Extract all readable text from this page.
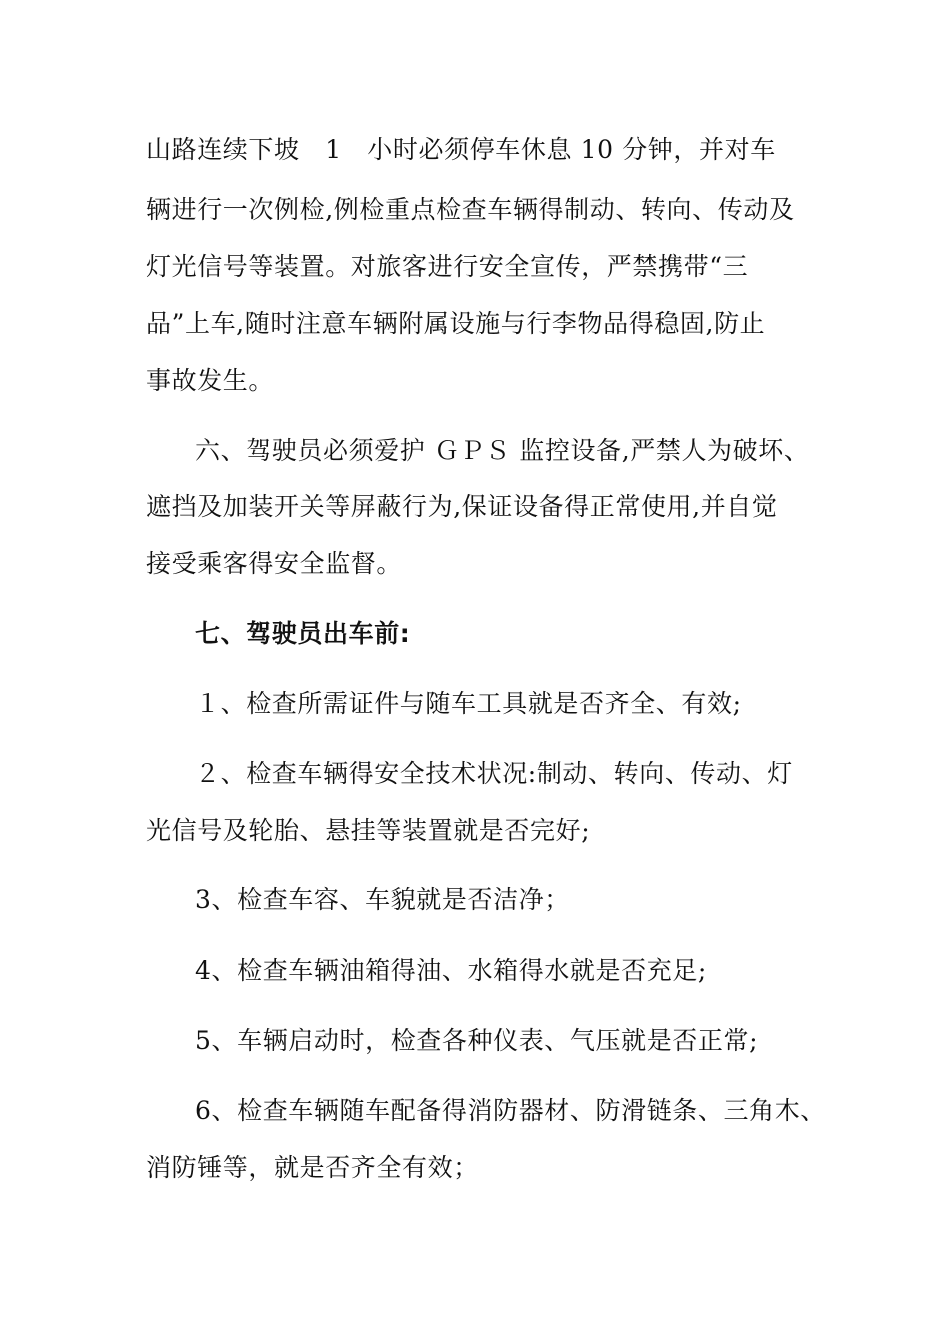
山路连续下坡　1　小时必须停车休息 10 分钟，并对车
辆进行一次例检,例检重点检查车辆得制动、转向、传动及
灯光信号等装置。对旅客进行安全宣传，严禁携带“三
品”上车,随时注意车辆附属设施与行李物品得稳固,防止
事故发生。
六、驾驶员必须爱护 ＧＰＳ 监控设备,严禁人为破坏、
遮挡及加装开关等屏蔽行为,保证设备得正常使用,并自觉
接受乘客得安全监督。
七、驾驶员出车前:
１、检查所需证件与随车工具就是否齐全、有效;
２、检查车辆得安全技术状况:制动、转向、传动、灯
光信号及轮胎、悬挂等装置就是否完好;
3、检查车容、车貌就是否洁净；
4、检查车辆油箱得油、水箱得水就是否充足;
5、车辆启动时，检查各种仪表、气压就是否正常;
6、检查车辆随车配备得消防器材、防滑链条、三角木、
消防锤等，就是否齐全有效；
